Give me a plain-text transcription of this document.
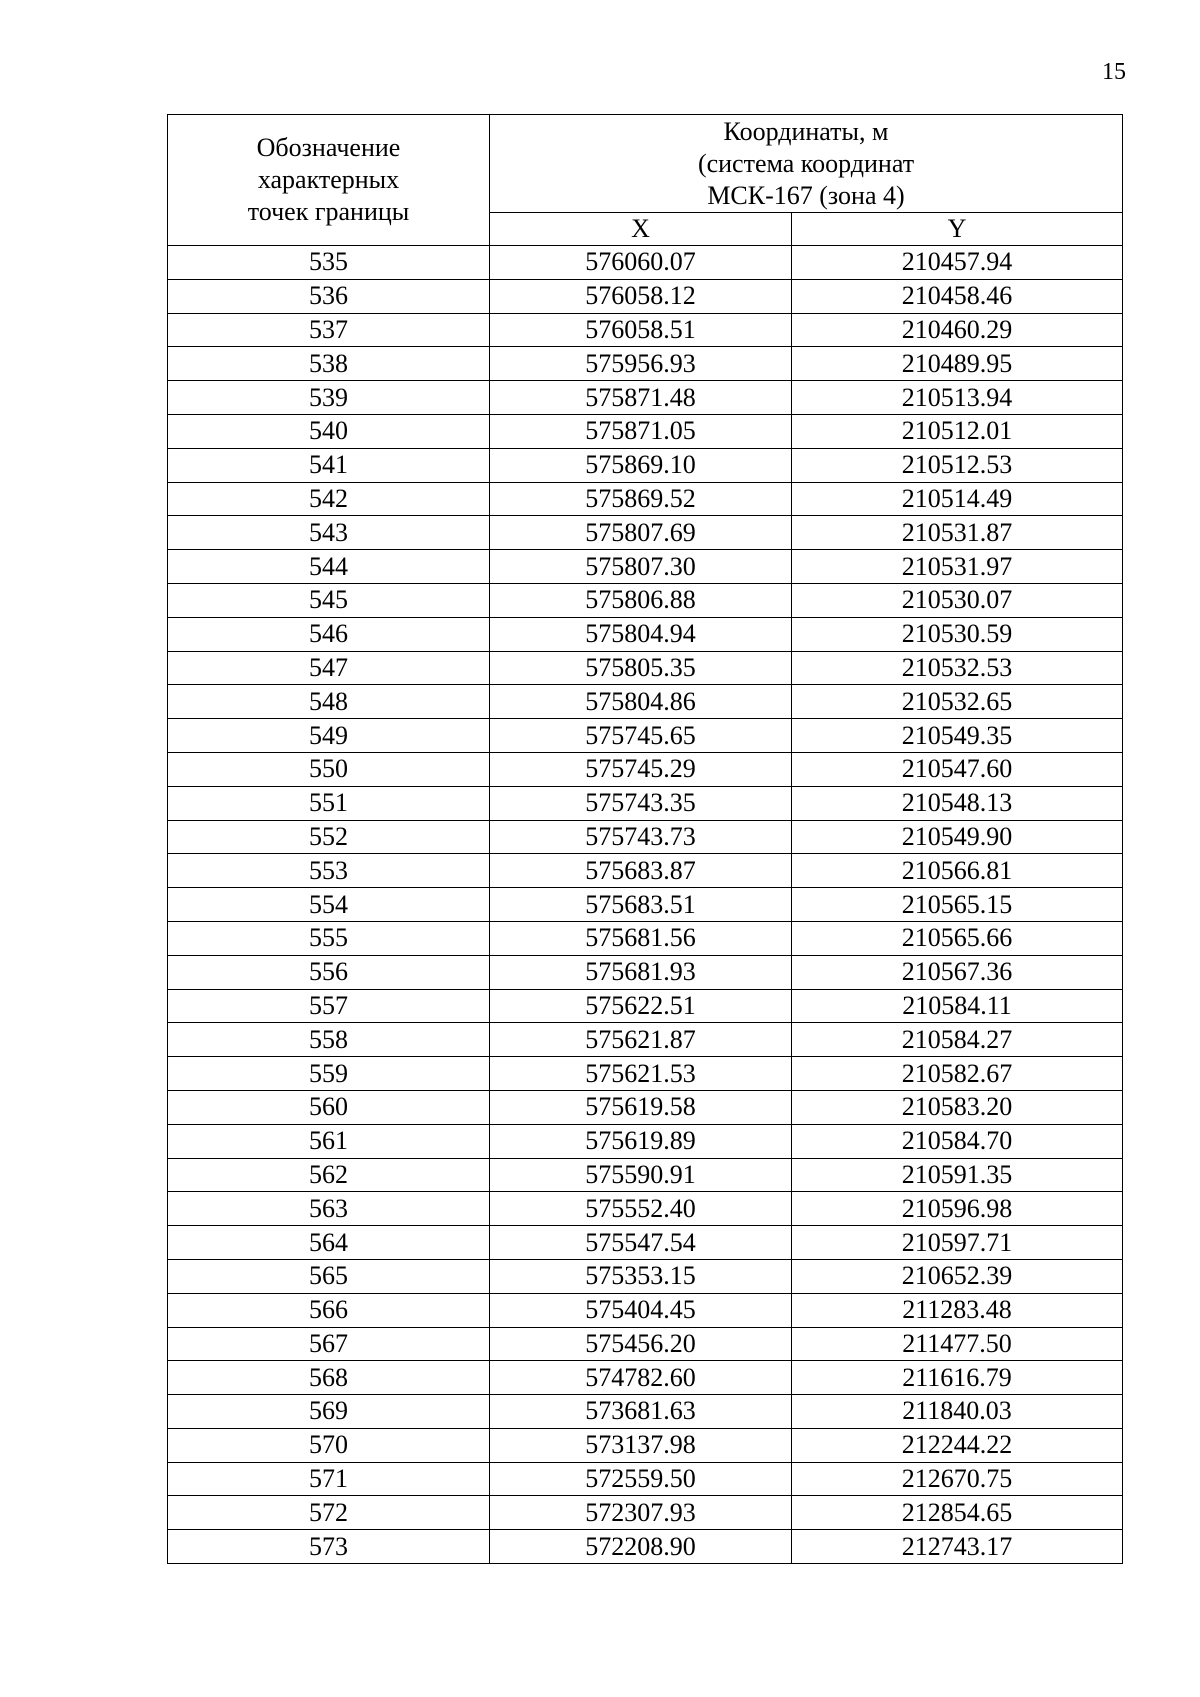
15
Обозначение
характерных
точек границы	Координаты, м
(система координат
МСК-167 (зона 4)	

	X	Y
535	576060.07	210457.94
536	576058.12	210458.46
537	576058.51	210460.29
538	575956.93	210489.95
539	575871.48	210513.94
540	575871.05	210512.01
541	575869.10	210512.53
542	575869.52	210514.49
543	575807.69	210531.87
544	575807.30	210531.97
545	575806.88	210530.07
546	575804.94	210530.59
547	575805.35	210532.53
548	575804.86	210532.65
549	575745.65	210549.35
550	575745.29	210547.60
551	575743.35	210548.13
552	575743.73	210549.90
553	575683.87	210566.81
554	575683.51	210565.15
555	575681.56	210565.66
556	575681.93	210567.36
557	575622.51	210584.11
558	575621.87	210584.27
559	575621.53	210582.67
560	575619.58	210583.20
561	575619.89	210584.70
562	575590.91	210591.35
563	575552.40	210596.98
564	575547.54	210597.71
565	575353.15	210652.39
566	575404.45	211283.48
567	575456.20	211477.50
568	574782.60	211616.79
569	573681.63	211840.03
570	573137.98	212244.22
571	572559.50	212670.75
572	572307.93	212854.65
573	572208.90	212743.17
